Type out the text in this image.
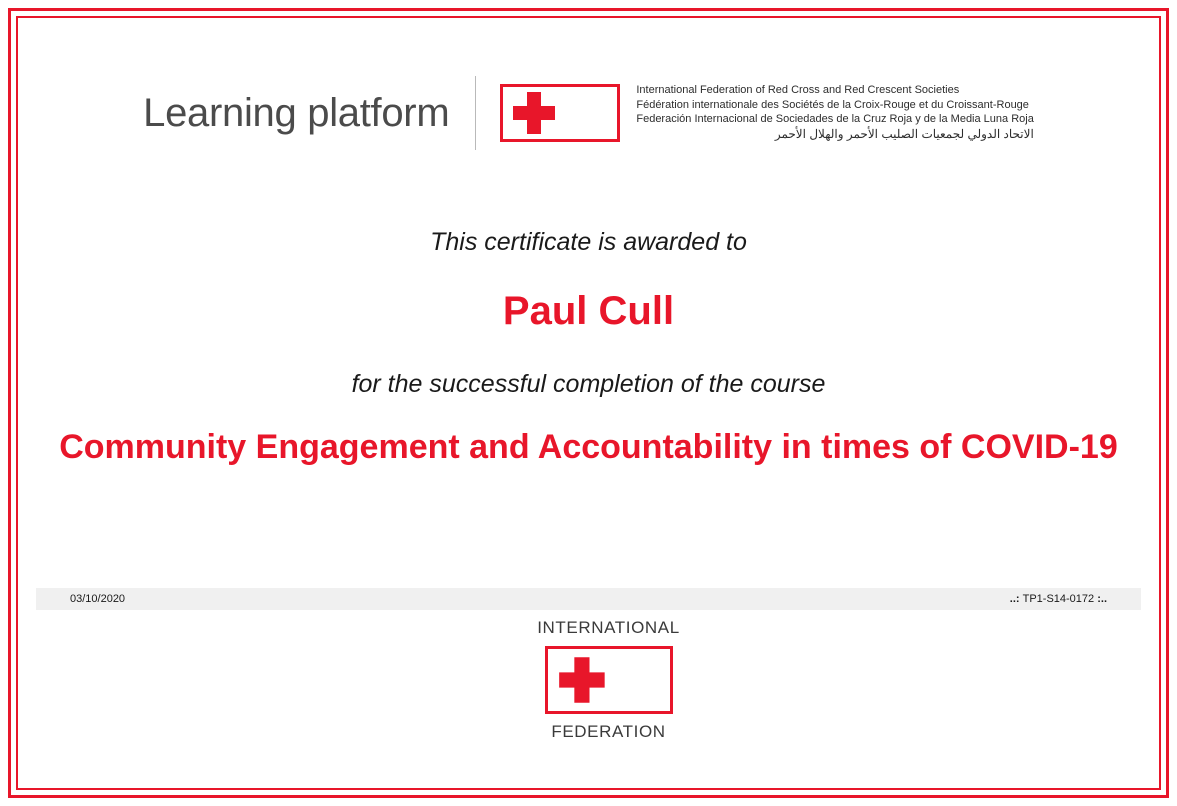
Learning platform
International Federation of Red Cross and Red Crescent Societies
Fédération internationale des Sociétés de la Croix-Rouge et du Croissant-Rouge
Federación Internacional de Sociedades de la Cruz Roja y de la Media Luna Roja
الاتحاد الدولي لجمعيات الصليب الأحمر والهلال الأحمر
This certificate is awarded to
Paul Cull
for the successful completion of the course
Community Engagement and Accountability in times of COVID-19
03/10/2020	..: TP1-S14-0172 :..
INTERNATIONAL
FEDERATION
